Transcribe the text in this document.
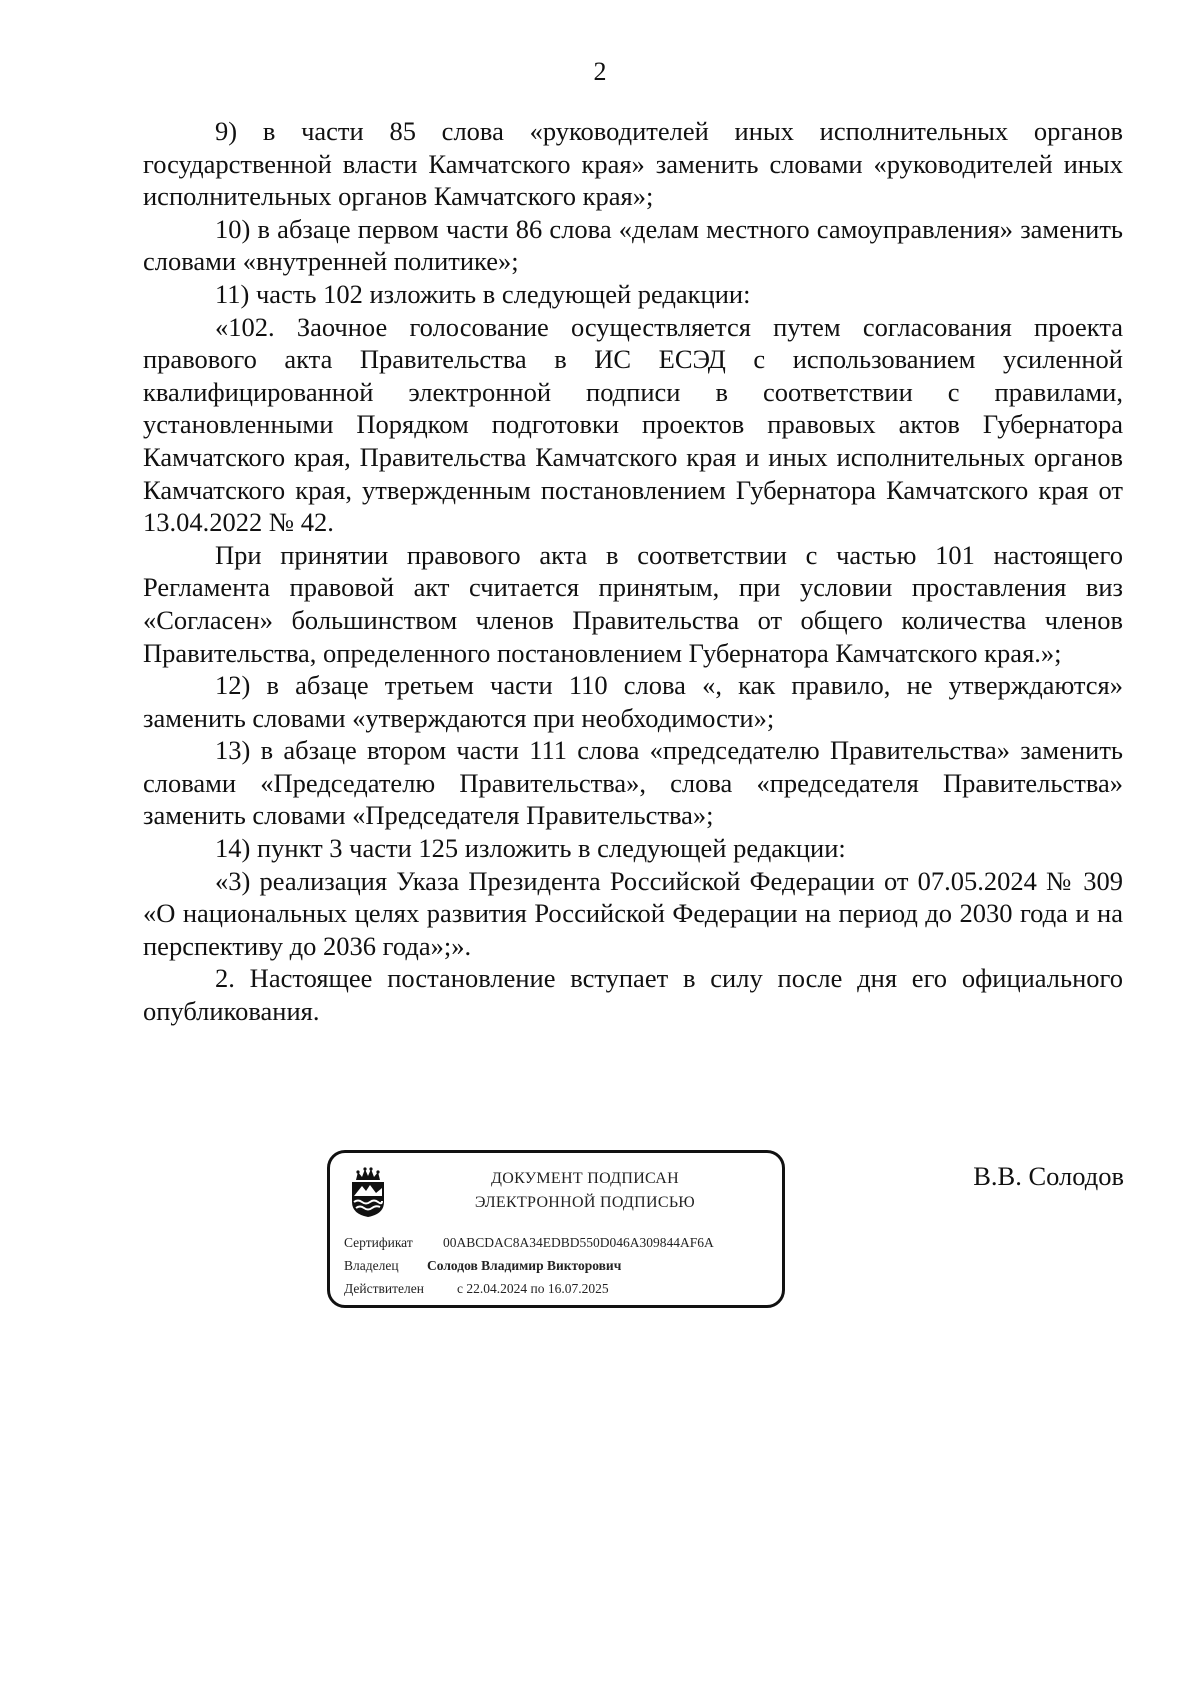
2

9) в части 85 слова «руководителей иных исполнительных органов государственной власти Камчатского края» заменить словами «руководителей иных исполнительных органов Камчатского края»;

10) в абзаце первом части 86 слова «делам местного самоуправления» заменить словами «внутренней политике»;

11) часть 102 изложить в следующей редакции:

«102. Заочное голосование осуществляется путем согласования проекта правового акта Правительства в ИС ЕСЭД с использованием усиленной квалифицированной электронной подписи в соответствии с правилами, установленными Порядком подготовки проектов правовых актов Губернатора Камчатского края, Правительства Камчатского края и иных исполнительных органов Камчатского края, утвержденным постановлением Губернатора Камчатского края от 13.04.2022 № 42.

При принятии правового акта в соответствии с частью 101 настоящего Регламента правовой акт считается принятым, при условии проставления виз «Согласен» большинством членов Правительства от общего количества членов Правительства, определенного постановлением Губернатора Камчатского края.»;

12) в абзаце третьем части 110 слова «, как правило, не утверждаются» заменить словами «утверждаются при необходимости»;

13) в абзаце втором части 111 слова «председателю Правительства» заменить словами «Председателю Правительства», слова «председателя Правительства» заменить словами «Председателя Правительства»;

14) пункт 3 части 125 изложить в следующей редакции:

«3) реализация Указа Президента Российской Федерации от 07.05.2024 № 309 «О национальных целях развития Российской Федерации на период до 2030 года и на перспективу до 2036 года»;».

2. Настоящее постановление вступает в силу после дня его официального опубликования.

ДОКУМЕНТ ПОДПИСАН
ЭЛЕКТРОННОЙ ПОДПИСЬЮ
Сертификат 00ABCDAC8A34EDBD550D046A309844AF6A
Владелец Солодов Владимир Викторович
Действителен с 22.04.2024 по 16.07.2025
В.В. Солодов
